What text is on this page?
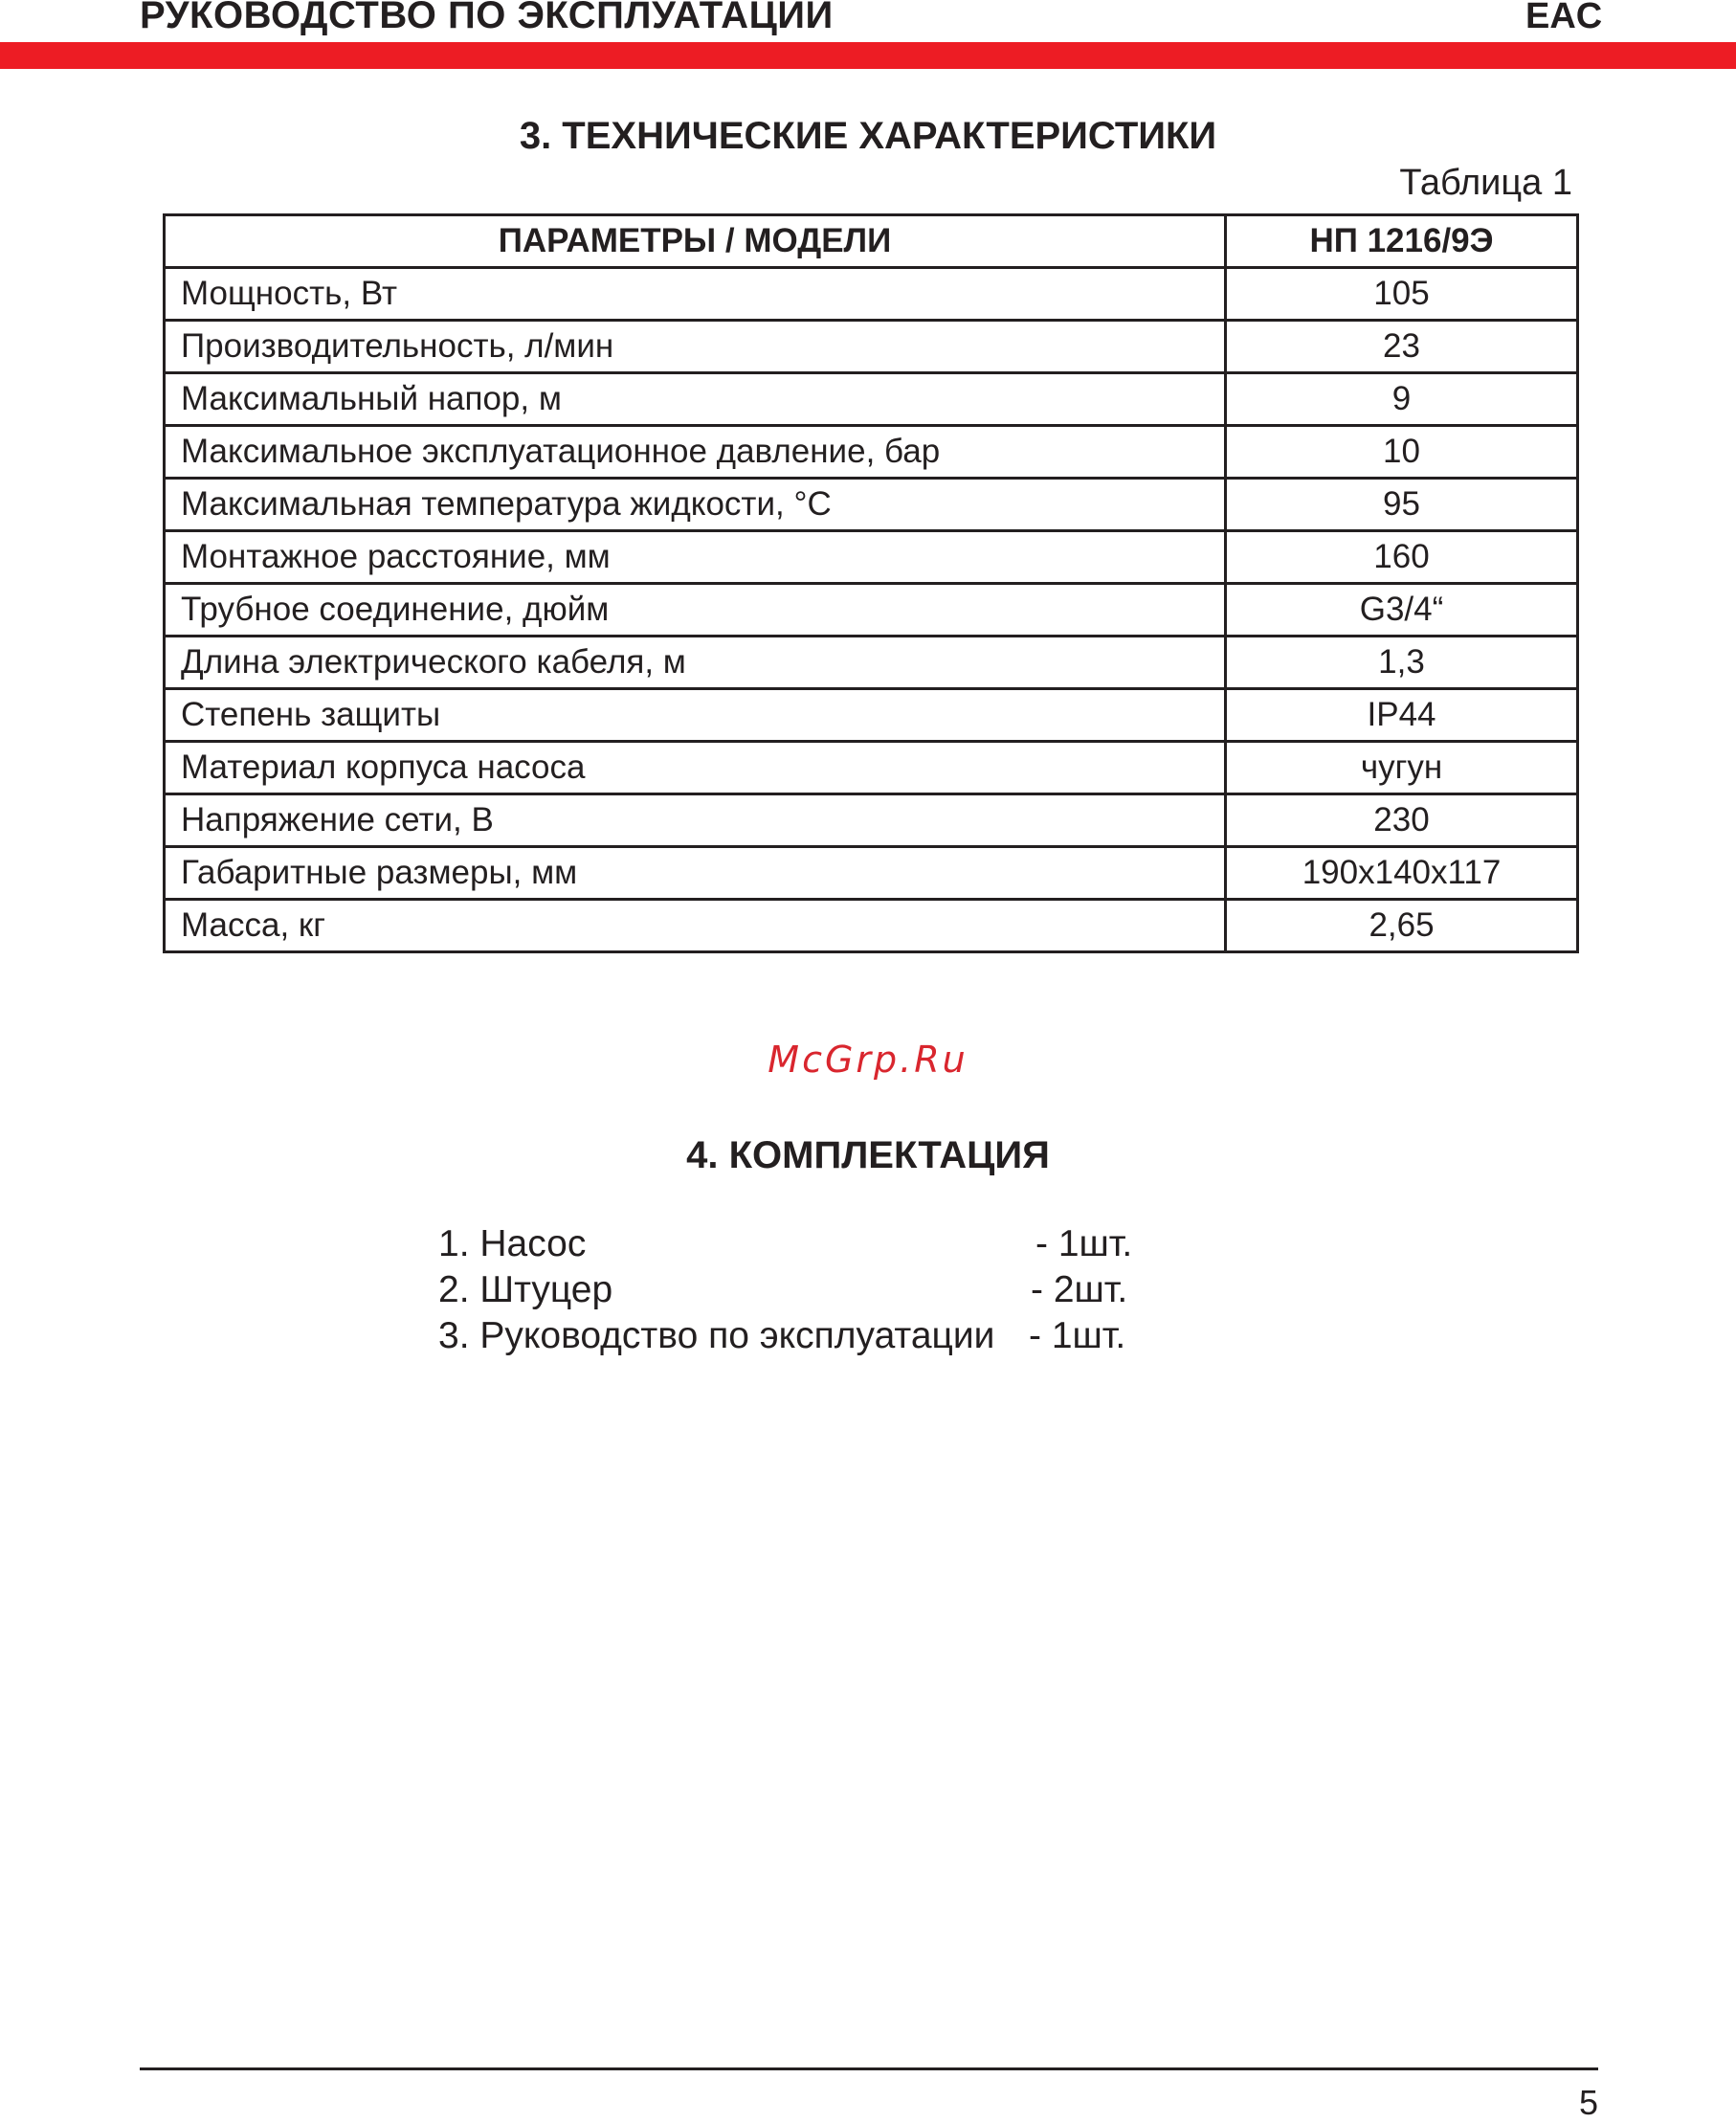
РУКОВОДСТВО ПО ЭКСПЛУАТАЦИИ	EAC
3. ТЕХНИЧЕСКИЕ ХАРАКТЕРИСТИКИ
Таблица 1
ПАРАМЕТРЫ / МОДЕЛИ	НП 1216/9Э
Мощность, Вт	105
Производительность, л/мин	23
Максимальный напор, м	9
Максимальное эксплуатационное давление, бар	10
Максимальная температура жидкости, °С	95
Монтажное расстояние, мм	160
Трубное соединение, дюйм	G3/4“
Длина электрического кабеля, м	1,3
Степень защиты	IP44
Материал корпуса насоса	чугун
Напряжение сети, В	230
Габаритные размеры, мм	190x140x117
Масса, кг	2,65
McGrp.Ru
4. КОМПЛЕКТАЦИЯ
1. Насос	- 1шт.
2. Штуцер	- 2шт.
3. Руководство по эксплуатации - 1шт.
5
